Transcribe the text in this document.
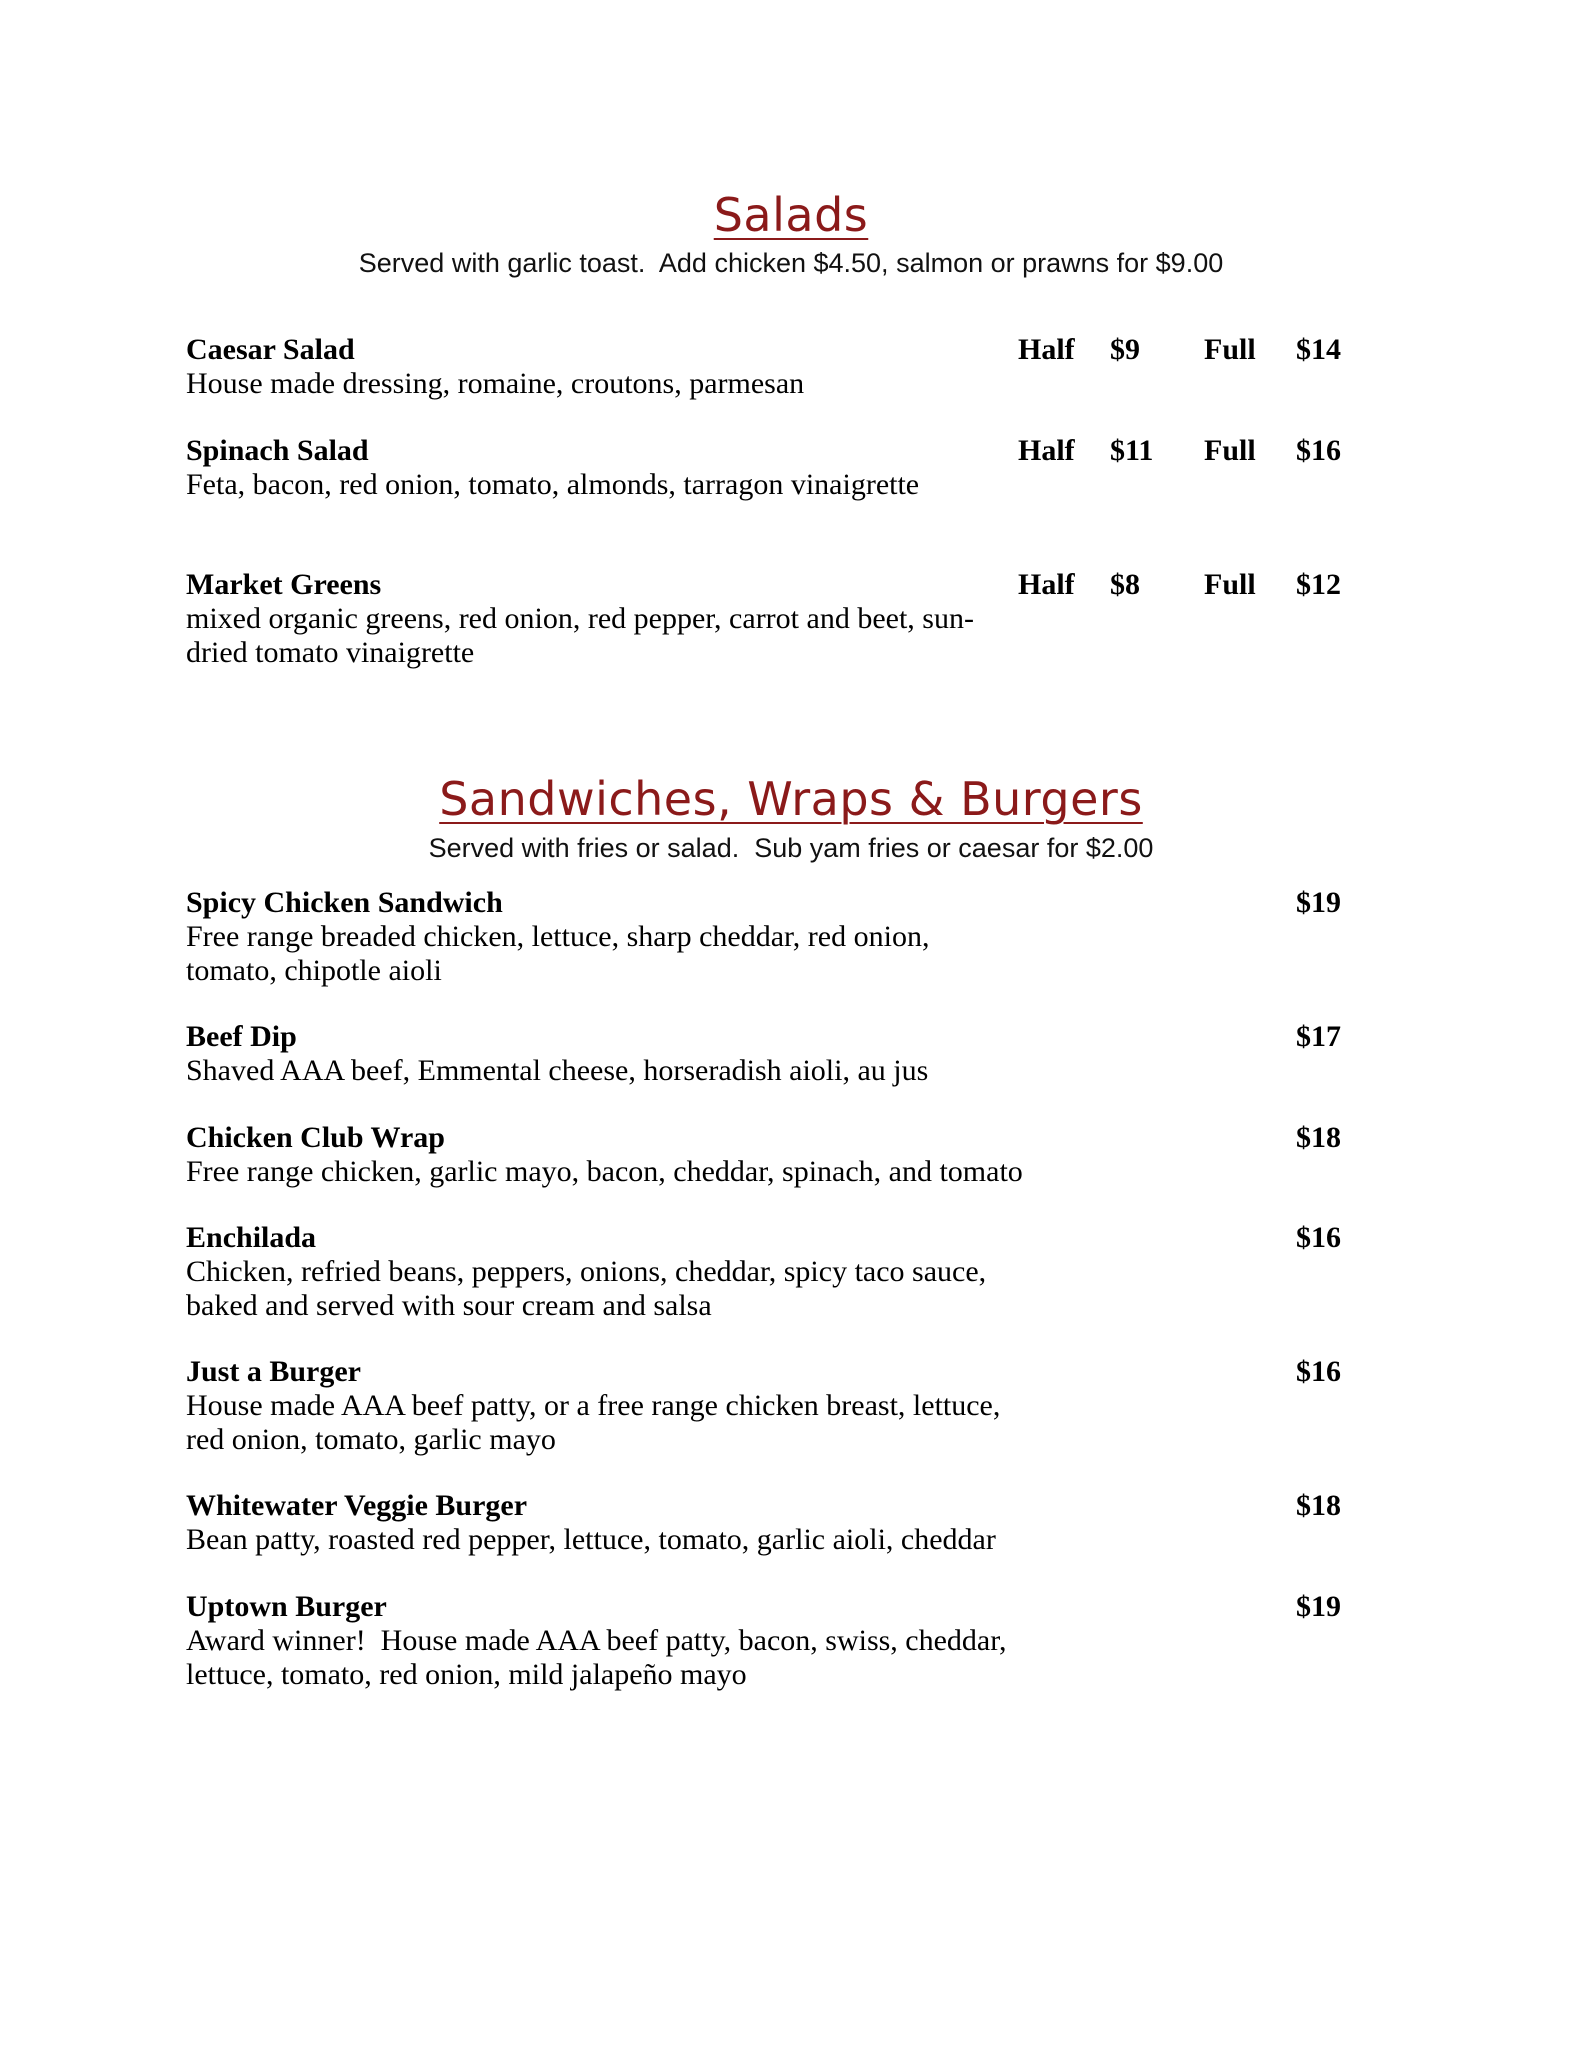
Salads
Served with garlic toast.  Add chicken $4.50, salmon or prawns for $9.00
Caesar Salad
House made dressing, romaine, croutons, parmesan
Half $9 Full $14
Spinach Salad
Feta, bacon, red onion, tomato, almonds, tarragon vinaigrette
Half $11 Full $16
Market Greens
mixed organic greens, red onion, red pepper, carrot and beet, sun-dried tomato vinaigrette
Half $8 Full $12
Sandwiches, Wraps & Burgers
Served with fries or salad.  Sub yam fries or caesar for $2.00
Spicy Chicken Sandwich
Free range breaded chicken, lettuce, sharp cheddar, red onion,
tomato, chipotle aioli
$19
Beef Dip
Shaved AAA beef, Emmental cheese, horseradish aioli, au jus
$17
Chicken Club Wrap
Free range chicken, garlic mayo, bacon, cheddar, spinach, and tomato
$18
Enchilada
Chicken, refried beans, peppers, onions, cheddar, spicy taco sauce,
baked and served with sour cream and salsa
$16
Just a Burger
House made AAA beef patty, or a free range chicken breast, lettuce,
red onion, tomato, garlic mayo
$16
Whitewater Veggie Burger
Bean patty, roasted red pepper, lettuce, tomato, garlic aioli, cheddar
$18
Uptown Burger
Award winner!  House made AAA beef patty, bacon, swiss, cheddar,
lettuce, tomato, red onion, mild jalapeño mayo
$19
